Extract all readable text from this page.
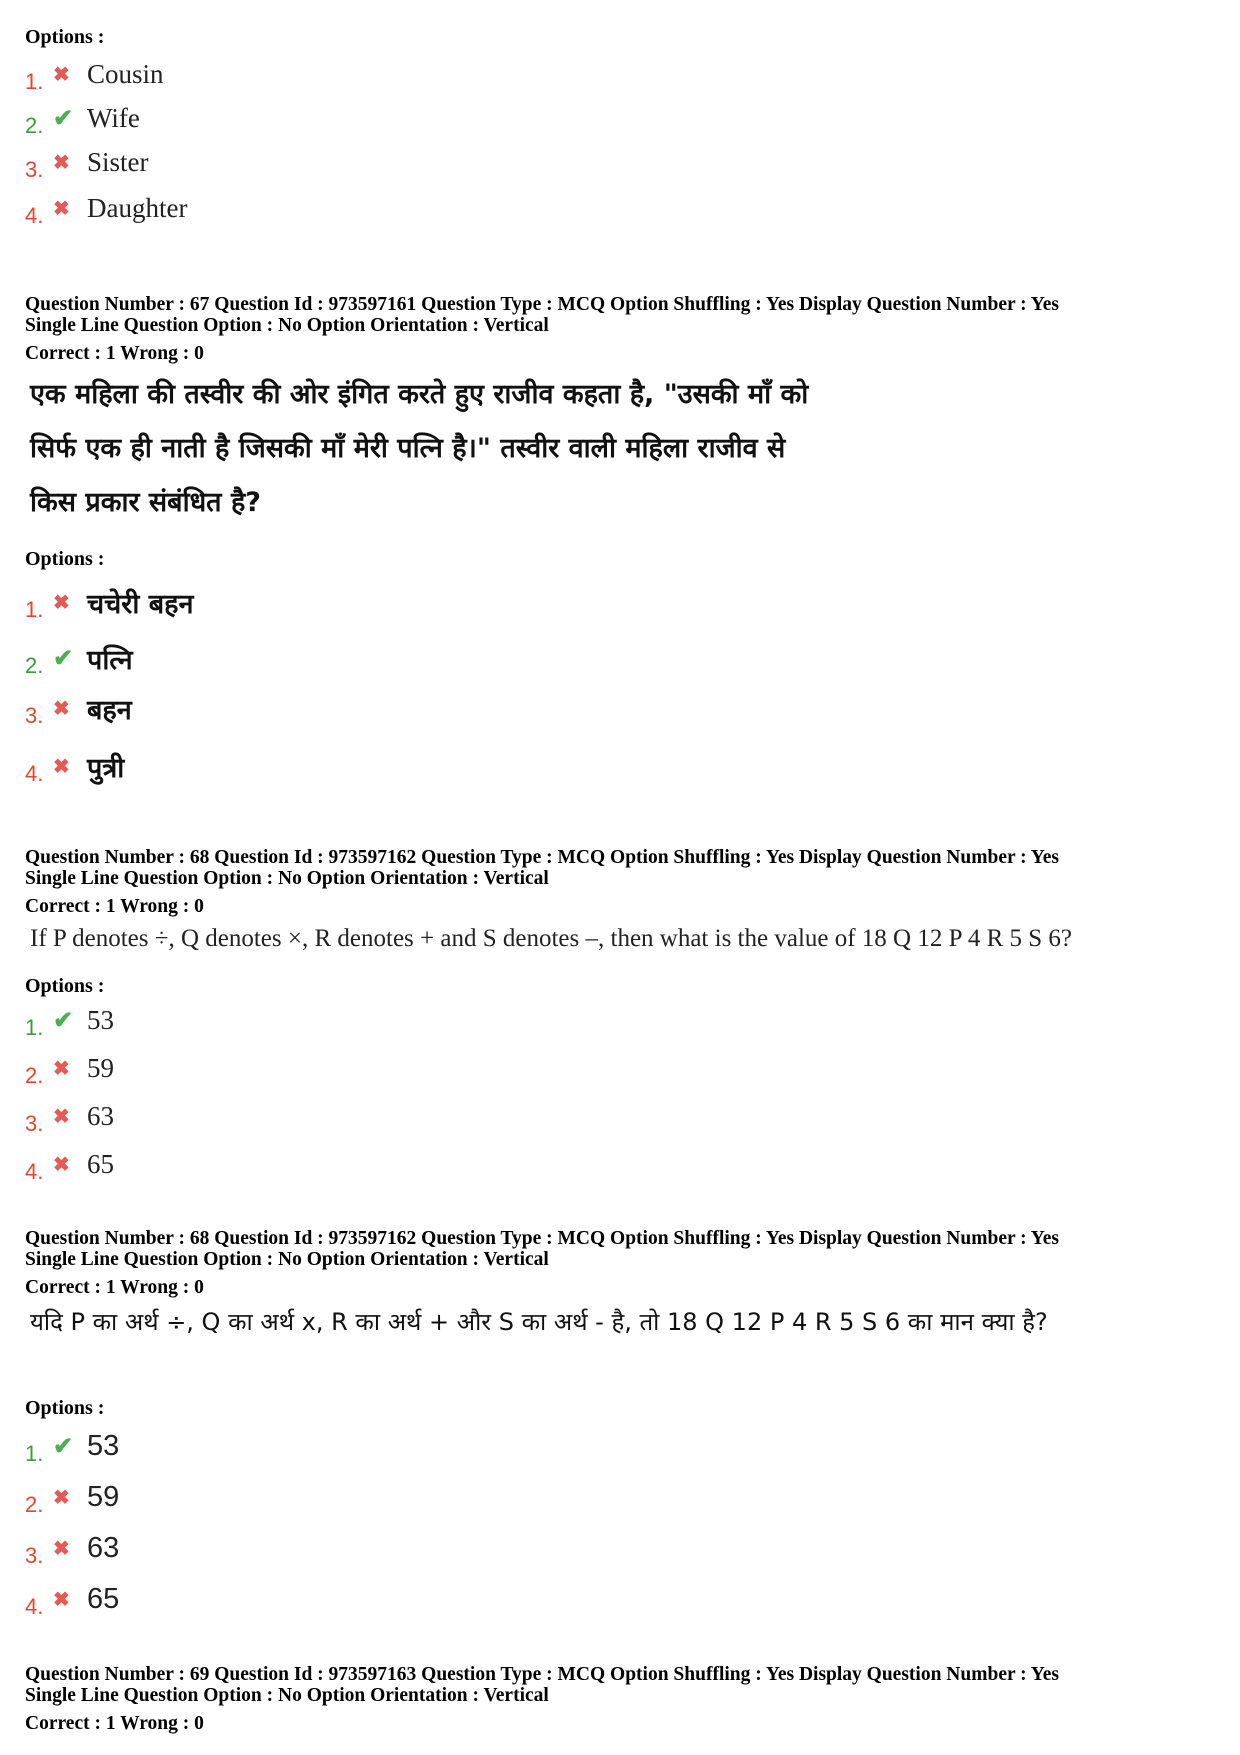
Options :
1. ✖ Cousin
2. ✔ Wife
3. ✖ Sister
4. ✖ Daughter
Question Number : 67 Question Id : 973597161 Question Type : MCQ Option Shuffling : Yes Display Question Number : Yes
Single Line Question Option : No Option Orientation : Vertical
Correct : 1 Wrong : 0
एक महिला की तस्वीर की ओर इंगित करते हुए राजीव कहता है, "उसकी माँ को
सिर्फ एक ही नाती है जिसकी माँ मेरी पत्नि है।" तस्वीर वाली महिला राजीव से
किस प्रकार संबंधित है?
Options :
1. ✖ चचेरी बहन
2. ✔ पत्नि
3. ✖ बहन
4. ✖ पुत्री
Question Number : 68 Question Id : 973597162 Question Type : MCQ Option Shuffling : Yes Display Question Number : Yes
Single Line Question Option : No Option Orientation : Vertical
Correct : 1 Wrong : 0
If P denotes ÷, Q denotes ×, R denotes + and S denotes –, then what is the value of 18 Q 12 P 4 R 5 S 6?
Options :
1. ✔ 53
2. ✖ 59
3. ✖ 63
4. ✖ 65
Question Number : 68 Question Id : 973597162 Question Type : MCQ Option Shuffling : Yes Display Question Number : Yes
Single Line Question Option : No Option Orientation : Vertical
Correct : 1 Wrong : 0
यदि P का अर्थ ÷, Q का अर्थ x, R का अर्थ + और S का अर्थ - है, तो 18 Q 12 P 4 R 5 S 6 का मान क्या है?
Options :
1. ✔ 53
2. ✖ 59
3. ✖ 63
4. ✖ 65
Question Number : 69 Question Id : 973597163 Question Type : MCQ Option Shuffling : Yes Display Question Number : Yes
Single Line Question Option : No Option Orientation : Vertical
Correct : 1 Wrong : 0
